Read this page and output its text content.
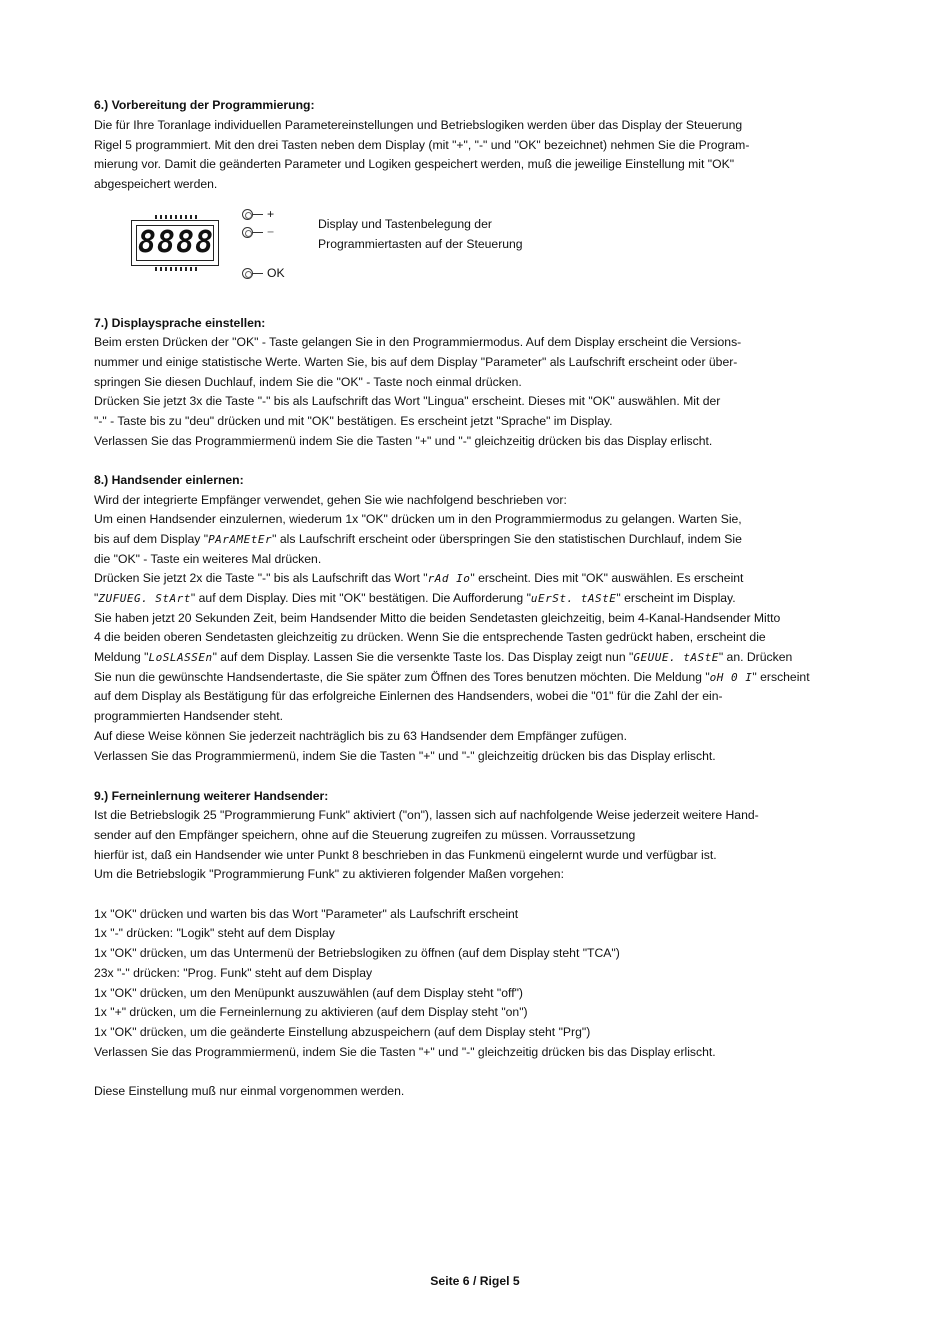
6.) Vorbereitung der Programmierung:
Die für Ihre Toranlage individuellen Parametereinstellungen und Betriebslogiken werden über das Display der Steuerung
Rigel 5 programmiert. Mit den drei Tasten neben dem Display (mit "+", "-" und "OK" bezeichnet) nehmen Sie die Program-
mierung vor. Damit die geänderten Parameter und Logiken gespeichert werden, muß die jeweilige Einstellung mit "OK"
abgespeichert werden.
8888
+
−
OK
Display und Tastenbelegung der
Programmiertasten auf der Steuerung
7.) Displaysprache einstellen:
Beim ersten Drücken der "OK" - Taste gelangen Sie in den Programmiermodus. Auf dem Display erscheint die Versions-
nummer und einige statistische Werte. Warten Sie, bis auf dem Display "Parameter" als Laufschrift erscheint oder über-
springen Sie diesen Duchlauf, indem Sie die "OK" - Taste noch einmal drücken.
Drücken Sie jetzt 3x die Taste "-" bis als Laufschrift das Wort "Lingua" erscheint. Dieses mit "OK" auswählen. Mit der
"-" - Taste bis zu "deu" drücken und mit "OK" bestätigen. Es erscheint jetzt "Sprache" im Display.
Verlassen Sie das Programmiermenü indem Sie die Tasten "+" und "-" gleichzeitig drücken bis das Display erlischt.
8.) Handsender einlernen:
Wird der integrierte Empfänger verwendet, gehen Sie wie nachfolgend beschrieben vor:
Um einen Handsender einzulernen, wiederum 1x "OK" drücken um in den Programmiermodus zu gelangen. Warten Sie,
bis auf dem Display "PArAMEtEr" als Laufschrift erscheint oder überspringen Sie den statistischen Durchlauf, indem Sie
die "OK" - Taste ein weiteres Mal drücken.
Drücken Sie jetzt 2x die Taste "-" bis als Laufschrift das Wort "rAd Io" erscheint. Dies mit "OK" auswählen. Es erscheint
"ZUFUEG. StArt" auf dem Display. Dies mit "OK" bestätigen. Die Aufforderung "uErSt. tAStE" erscheint im Display.
Sie haben jetzt 20 Sekunden Zeit, beim Handsender Mitto die beiden Sendetasten gleichzeitig, beim 4-Kanal-Handsender Mitto
4 die beiden oberen Sendetasten gleichzeitig zu drücken. Wenn Sie die entsprechende Tasten gedrückt haben, erscheint die
Meldung "LoSLASSEn" auf dem Display. Lassen Sie die versenkte Taste los. Das Display zeigt nun "GEUUE. tAStE" an. Drücken
Sie nun die gewünschte Handsendertaste, die Sie später zum Öffnen des Tores benutzen möchten. Die Meldung "oH 0 I" erscheint
auf dem Display als Bestätigung für das erfolgreiche Einlernen des Handsenders, wobei die "01" für die Zahl der ein-
programmierten Handsender steht.
Auf diese Weise können Sie jederzeit nachträglich bis zu 63 Handsender dem Empfänger zufügen.
Verlassen Sie das Programmiermenü, indem Sie die Tasten "+" und "-" gleichzeitig drücken bis das Display erlischt.
9.) Ferneinlernung weiterer Handsender:
Ist die Betriebslogik 25 "Programmierung Funk" aktiviert ("on"), lassen sich auf nachfolgende Weise jederzeit weitere Hand-
sender auf den Empfänger speichern, ohne auf die Steuerung zugreifen zu müssen. Vorraussetzung
hierfür ist, daß ein Handsender wie unter Punkt 8 beschrieben in das Funkmenü eingelernt wurde und verfügbar ist.
Um die Betriebslogik "Programmierung Funk" zu aktivieren folgender Maßen vorgehen:
1x "OK" drücken und warten bis das Wort "Parameter" als Laufschrift erscheint
1x "-" drücken: "Logik" steht auf dem Display
1x "OK" drücken, um das Untermenü der Betriebslogiken zu öffnen (auf dem Display steht "TCA")
23x "-" drücken: "Prog. Funk" steht auf dem Display
1x "OK" drücken, um den Menüpunkt auszuwählen (auf dem Display steht "off")
1x "+" drücken, um die Ferneinlernung zu aktivieren (auf dem Display steht "on")
1x "OK" drücken, um die geänderte Einstellung abzuspeichern (auf dem Display steht "Prg")
Verlassen Sie das Programmiermenü, indem Sie die Tasten "+" und "-" gleichzeitig drücken bis das Display erlischt.
Diese Einstellung muß nur einmal vorgenommen werden.
Seite 6 / Rigel 5
